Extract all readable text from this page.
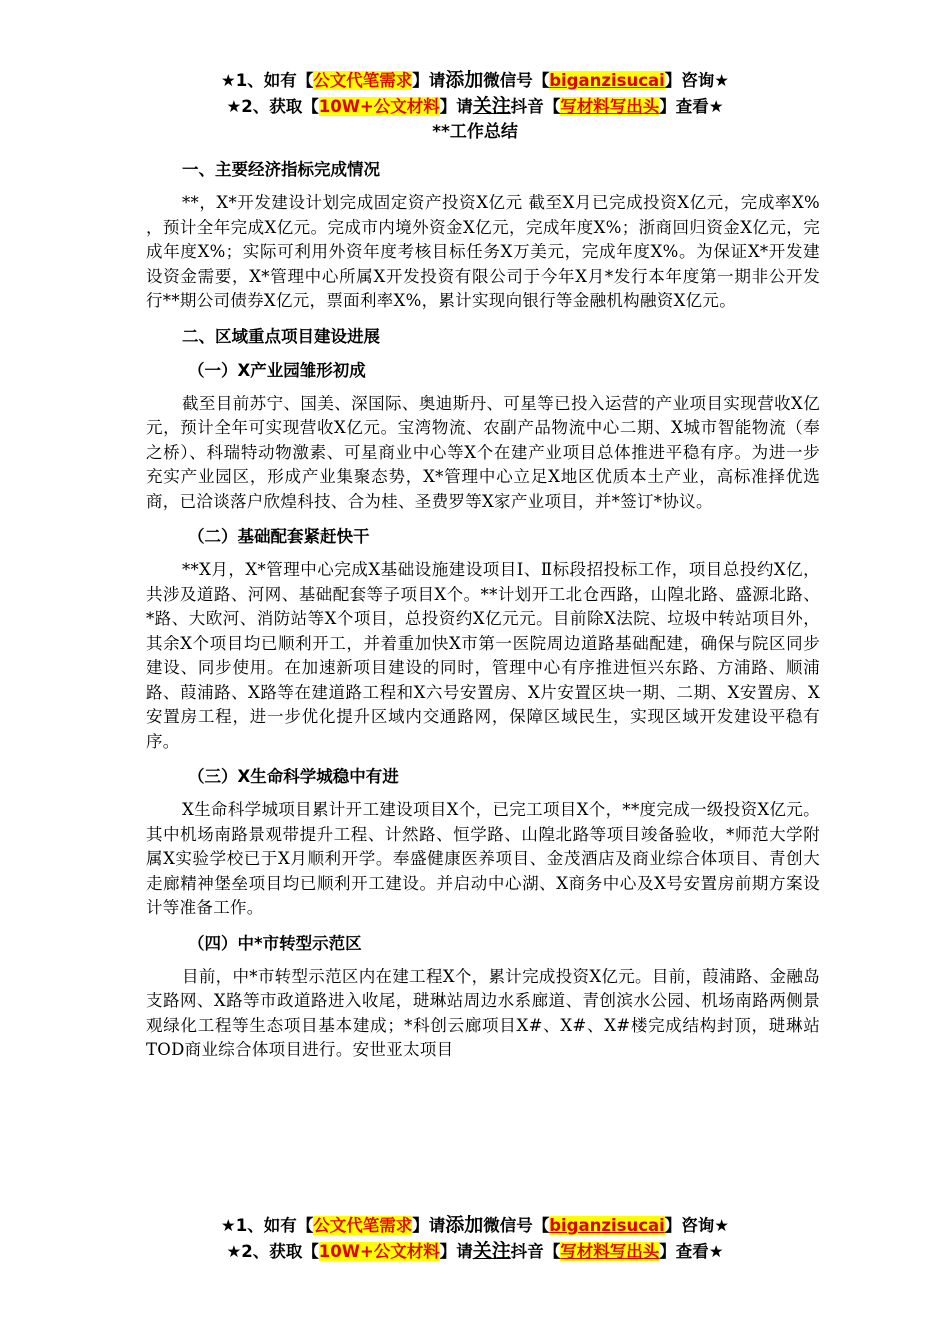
★1、如有【公文代笔需求】请添加微信号【biganzisucai】咨询★
★2、获取【10W+公文材料】请关注抖音【写材料写出头】查看★
**工作总结
一、主要经济指标完成情况

**，X*开发建设计划完成固定资产投资X亿元 截至X月已完成投资X亿元，完成率X% ，预计全年完成X亿元。完成市内境外资金X亿元，完成年度X%；浙商回归资金X亿元，完成年度X%；实际可利用外资年度考核目标任务X万美元，完成年度X%。为保证X*开发建设资金需要，X*管理中心所属X开发投资有限公司于今年X月*发行本年度第一期非公开发行**期公司债券X亿元，票面利率X%，累计实现向银行等金融机构融资X亿元。

二、区域重点项目建设进展
（一）X产业园雏形初成

截至目前苏宁、国美、深国际、奥迪斯丹、可星等已投入运营的产业项目实现营收X亿元，预计全年可实现营收X亿元。宝湾物流、农副产品物流中心二期、X城市智能物流（奉之桥）、科瑞特动物激素、可星商业中心等X个在建产业项目总体推进平稳有序。为进一步充实产业园区，形成产业集聚态势，X*管理中心立足X地区优质本土产业，高标准择优选商，已洽谈落户欣煌科技、合为桂、圣费罗等X家产业项目，并*签订*协议。

（二）基础配套紧赶快干

**X月，X*管理中心完成X基础设施建设项目Ⅰ、Ⅱ标段招投标工作，项目总投约X亿，共涉及道路、河网、基础配套等子项目X个。**计划开工北仓西路，山隍北路、盛源北路、*路、大欧河、消防站等X个项目，总投资约X亿元元。目前除X法院、垃圾中转站项目外，其余X个项目均已顺利开工，并着重加快X市第一医院周边道路基础配建，确保与院区同步建设、同步使用。在加速新项目建设的同时，管理中心有序推进恒兴东路、方浦路、顺浦路、葭浦路、X路等在建道路工程和X六号安置房、X片安置区块一期、二期、X安置房、X安置房工程，进一步优化提升区域内交通路网，保障区域民生，实现区域开发建设平稳有序。

（三）X生命科学城稳中有进

X生命科学城项目累计开工建设项目X个，已完工项目X个，**度完成一级投资X亿元。其中机场南路景观带提升工程、计然路、恒学路、山隍北路等项目竣备验收，*师范大学附属X实验学校已于X月顺利开学。奉盛健康医养项目、金茂酒店及商业综合体项目、青创大走廊精神堡垒项目均已顺利开工建设。并启动中心湖、X商务中心及X号安置房前期方案设计等准备工作。

（四）中*市转型示范区

目前，中*市转型示范区内在建工程X个，累计完成投资X亿元。目前，葭浦路、金融岛支路网、X路等市政道路进入收尾，琎琳站周边水系廊道、青创滨水公园、机场南路两侧景观绿化工程等生态项目基本建成；*科创云廊项目X#、X#、X#楼完成结构封顶，琎琳站TOD商业综合体项目进行。安世亚太项目

★1、如有【公文代笔需求】请添加微信号【biganzisucai】咨询★
★2、获取【10W+公文材料】请关注抖音【写材料写出头】查看★
